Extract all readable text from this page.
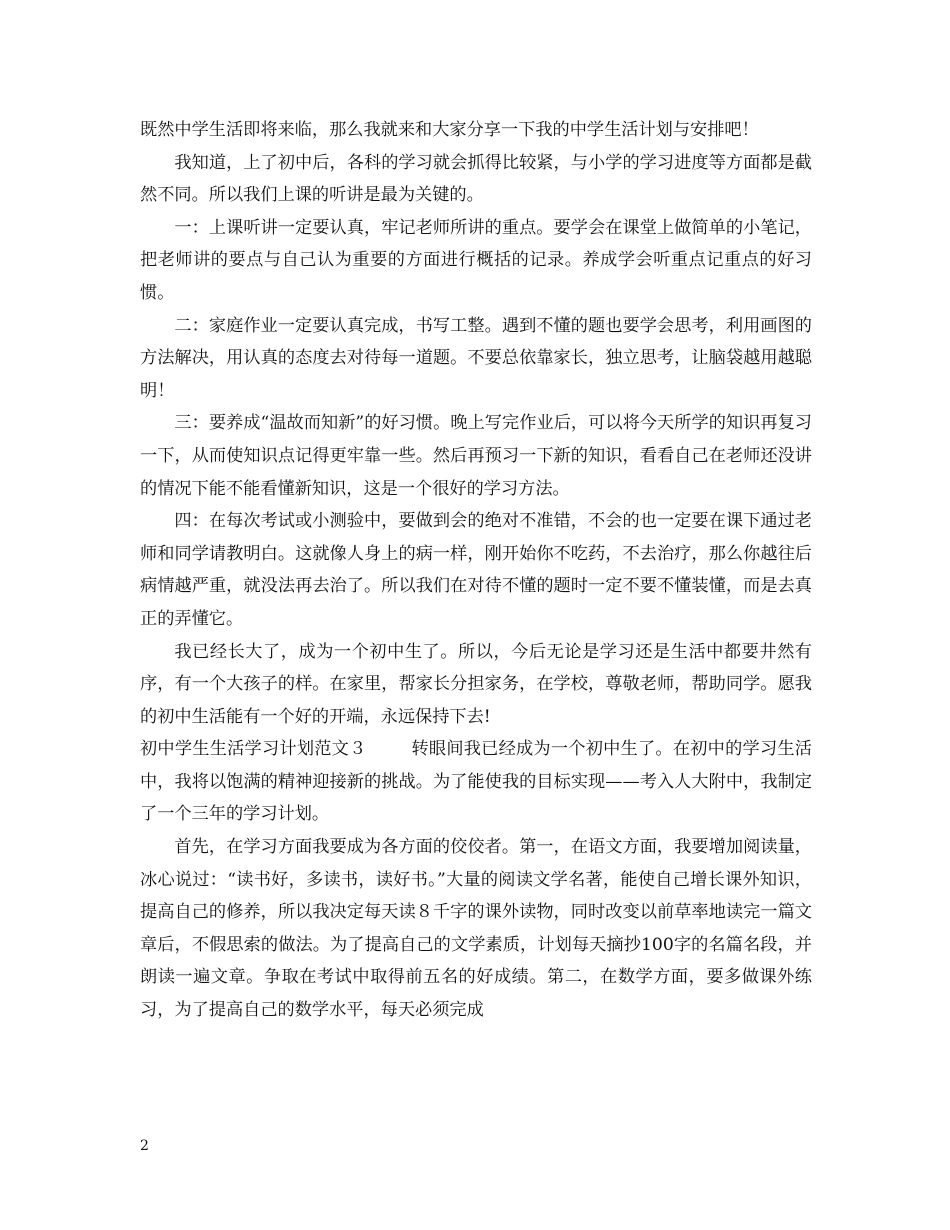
既然中学生活即将来临，那么我就来和大家分享一下我的中学生活计划与安排吧！

我知道，上了初中后，各科的学习就会抓得比较紧，与小学的学习进度等方面都是截然不同。所以我们上课的听讲是最为关键的。

一：上课听讲一定要认真，牢记老师所讲的重点。要学会在课堂上做简单的小笔记，把老师讲的要点与自己认为重要的方面进行概括的记录。养成学会听重点记重点的好习惯。

二：家庭作业一定要认真完成，书写工整。遇到不懂的题也要学会思考，利用画图的方法解决，用认真的态度去对待每一道题。不要总依靠家长，独立思考，让脑袋越用越聪明！

三：要养成“温故而知新”的好习惯。晚上写完作业后，可以将今天所学的知识再复习一下，从而使知识点记得更牢靠一些。然后再预习一下新的知识，看看自己在老师还没讲的情况下能不能看懂新知识，这是一个很好的学习方法。

四：在每次考试或小测验中，要做到会的绝对不准错，不会的也一定要在课下通过老师和同学请教明白。这就像人身上的病一样，刚开始你不吃药，不去治疗，那么你越往后病情越严重，就没法再去治了。所以我们在对待不懂的题时一定不要不懂装懂，而是去真正的弄懂它。

我已经长大了，成为一个初中生了。所以，今后无论是学习还是生活中都要井然有序，有一个大孩子的样。在家里，帮家长分担家务，在学校，尊敬老师，帮助同学。愿我的初中生活能有一个好的开端，永远保持下去!

初中学生生活学习计划范文３	转眼间我已经成为一个初中生了。在初中的学习生活中，我将以饱满的精神迎接新的挑战。为了能使我的目标实现——考入人大附中，我制定了一个三年的学习计划。

首先，在学习方面我要成为各方面的佼佼者。第一，在语文方面，我要增加阅读量，冰心说过：“读书好，多读书，读好书。”大量的阅读文学名著，能使自己增长课外知识，提高自己的修养，所以我决定每天读８千字的课外读物，同时改变以前草率地读完一篇文章后，不假思索的做法。为了提高自己的文学素质，计划每天摘抄100字的名篇名段，并朗读一遍文章。争取在考试中取得前五名的好成绩。第二，在数学方面，要多做课外练习，为了提高自己的数学水平，每天必须完成

2
